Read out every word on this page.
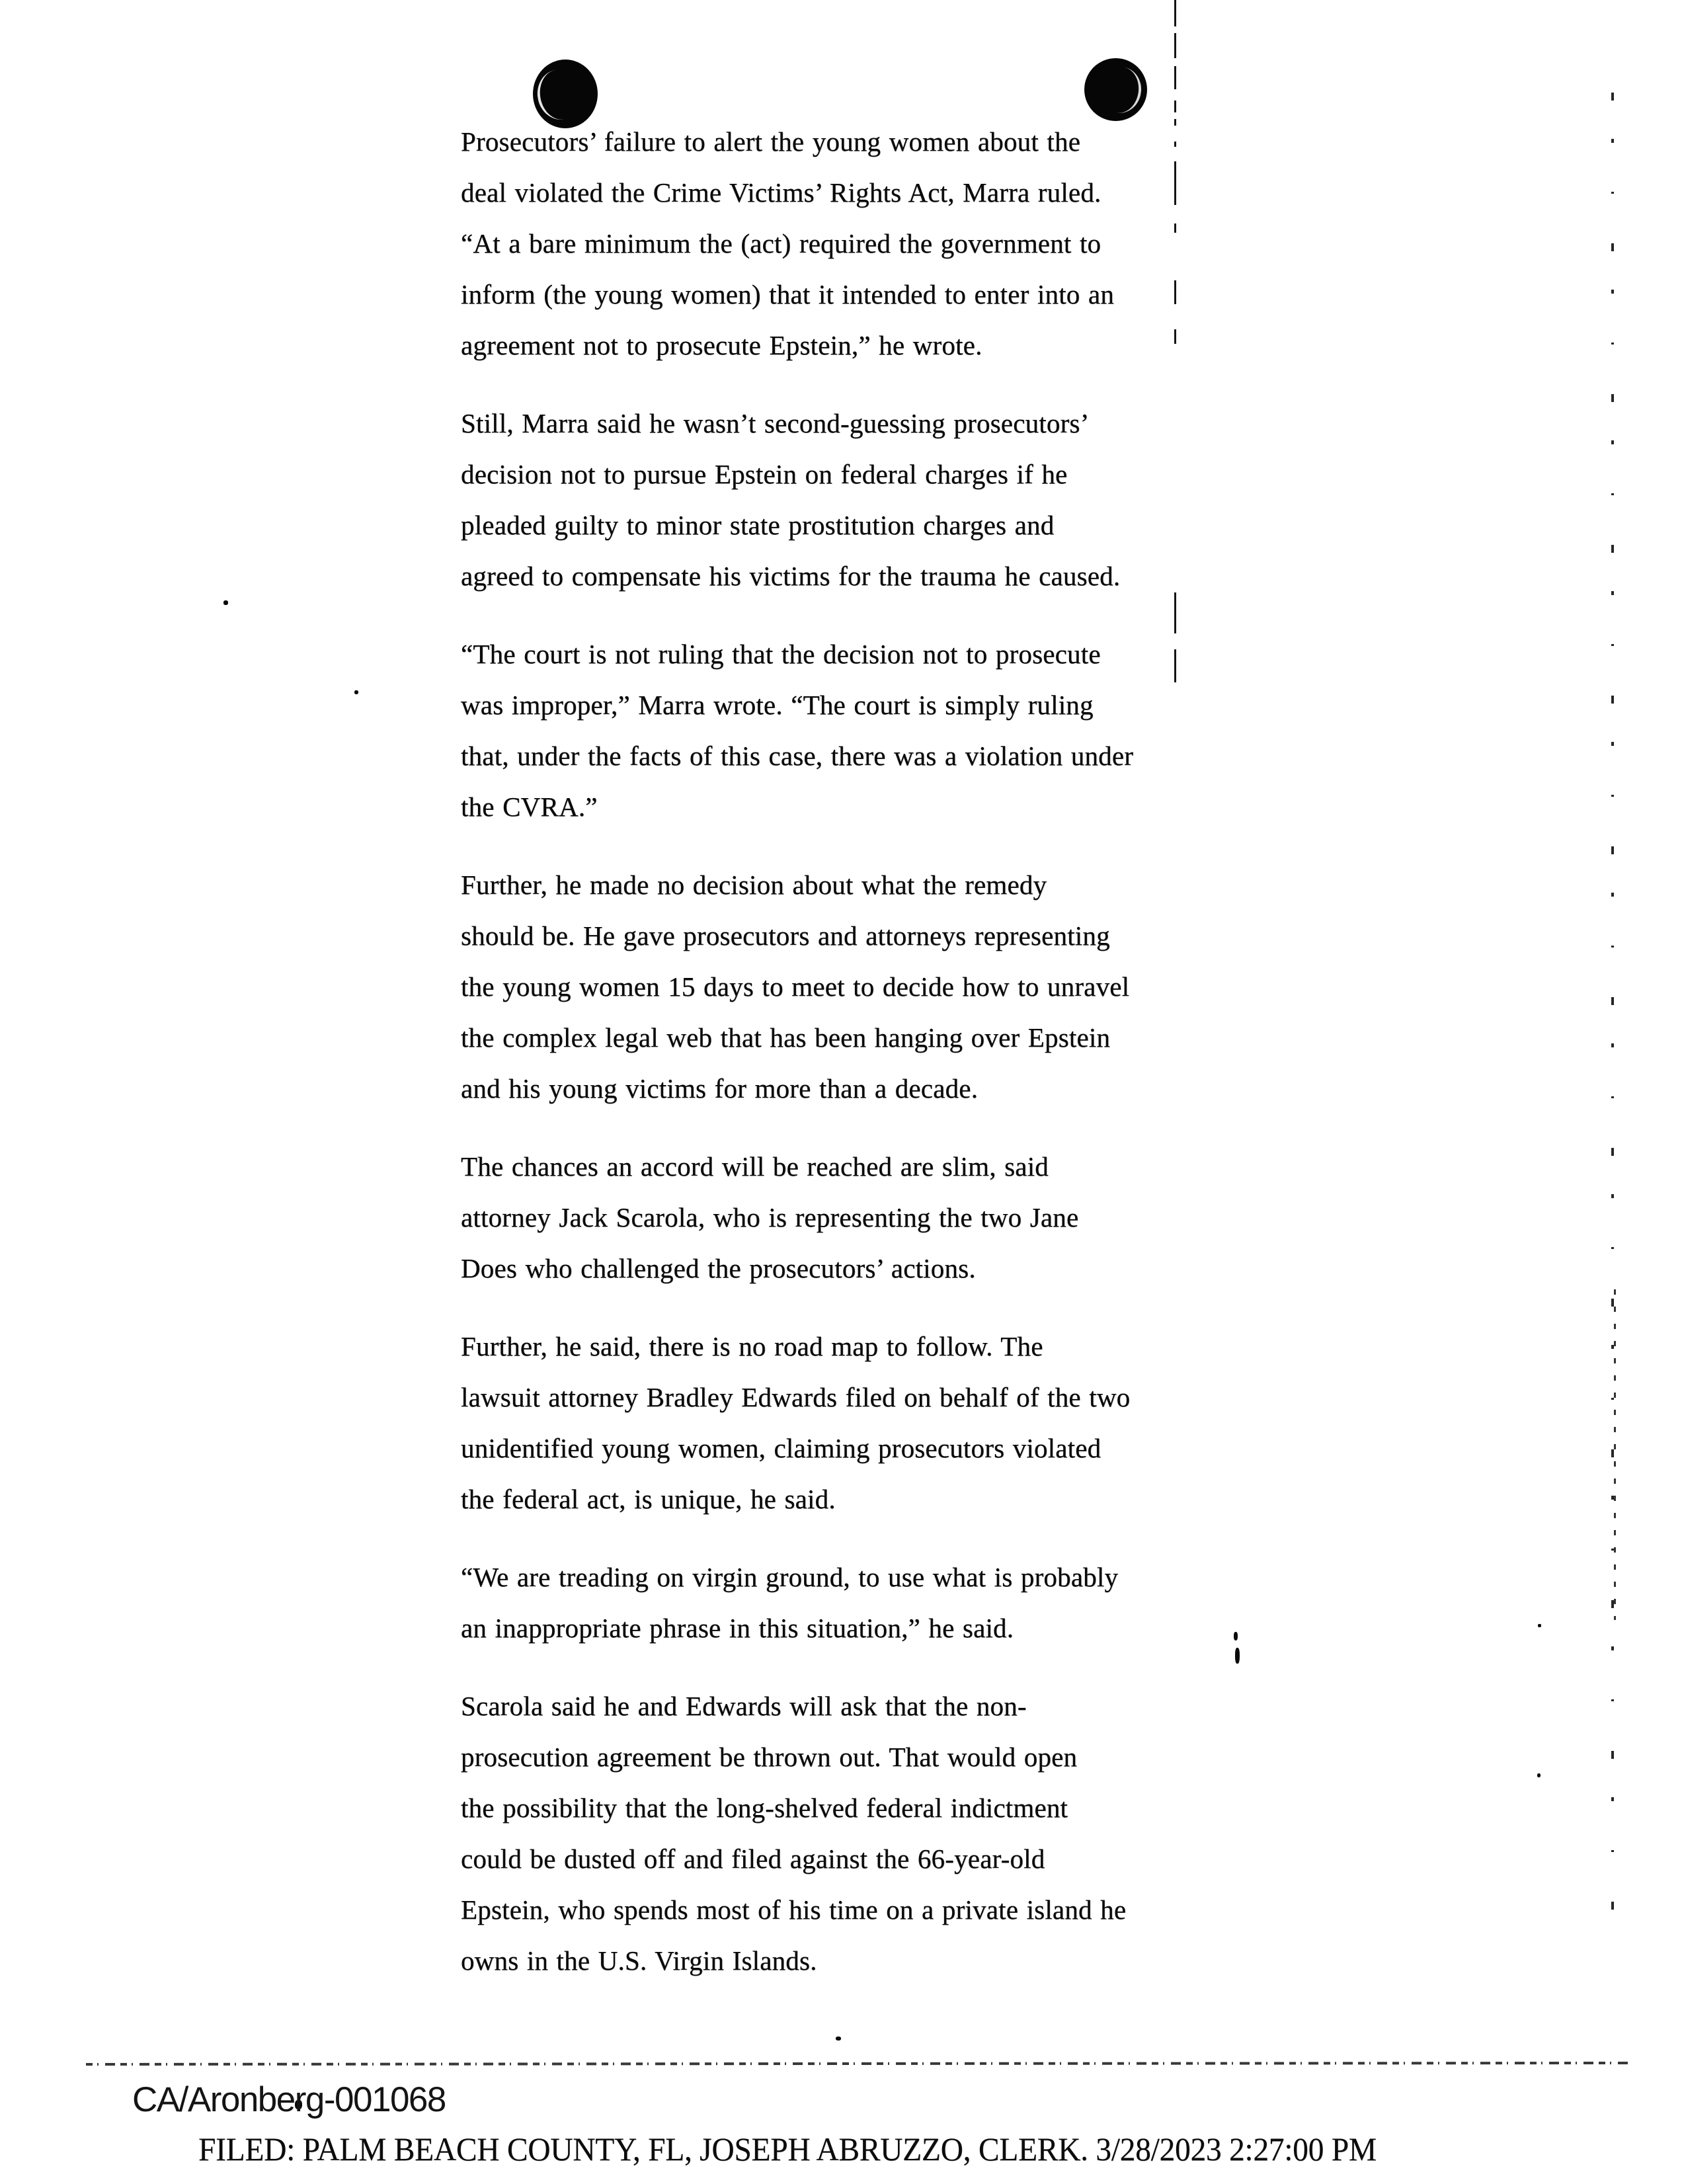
Prosecutors’ failure to alert the young women about the
deal violated the Crime Victims’ Rights Act, Marra ruled.
“At a bare minimum the (act) required the government to
inform (the young women) that it intended to enter into an
agreement not to prosecute Epstein,” he wrote.
Still, Marra said he wasn’t second-guessing prosecutors’
decision not to pursue Epstein on federal charges if he
pleaded guilty to minor state prostitution charges and
agreed to compensate his victims for the trauma he caused.
“The court is not ruling that the decision not to prosecute
was improper,” Marra wrote. “The court is simply ruling
that, under the facts of this case, there was a violation under
the CVRA.”
Further, he made no decision about what the remedy
should be. He gave prosecutors and attorneys representing
the young women 15 days to meet to decide how to unravel
the complex legal web that has been hanging over Epstein
and his young victims for more than a decade.
The chances an accord will be reached are slim, said
attorney Jack Scarola, who is representing the two Jane
Does who challenged the prosecutors’ actions.
Further, he said, there is no road map to follow. The
lawsuit attorney Bradley Edwards filed on behalf of the two
unidentified young women, claiming prosecutors violated
the federal act, is unique, he said.
“We are treading on virgin ground, to use what is probably
an inappropriate phrase in this situation,” he said.
Scarola said he and Edwards will ask that the non-
prosecution agreement be thrown out. That would open
the possibility that the long-shelved federal indictment
could be dusted off and filed against the 66-year-old
Epstein, who spends most of his time on a private island he
owns in the U.S. Virgin Islands.
CA/Aronberg-001068
FILED: PALM BEACH COUNTY, FL, JOSEPH ABRUZZO, CLERK. 3/28/2023 2:27:00 PM
